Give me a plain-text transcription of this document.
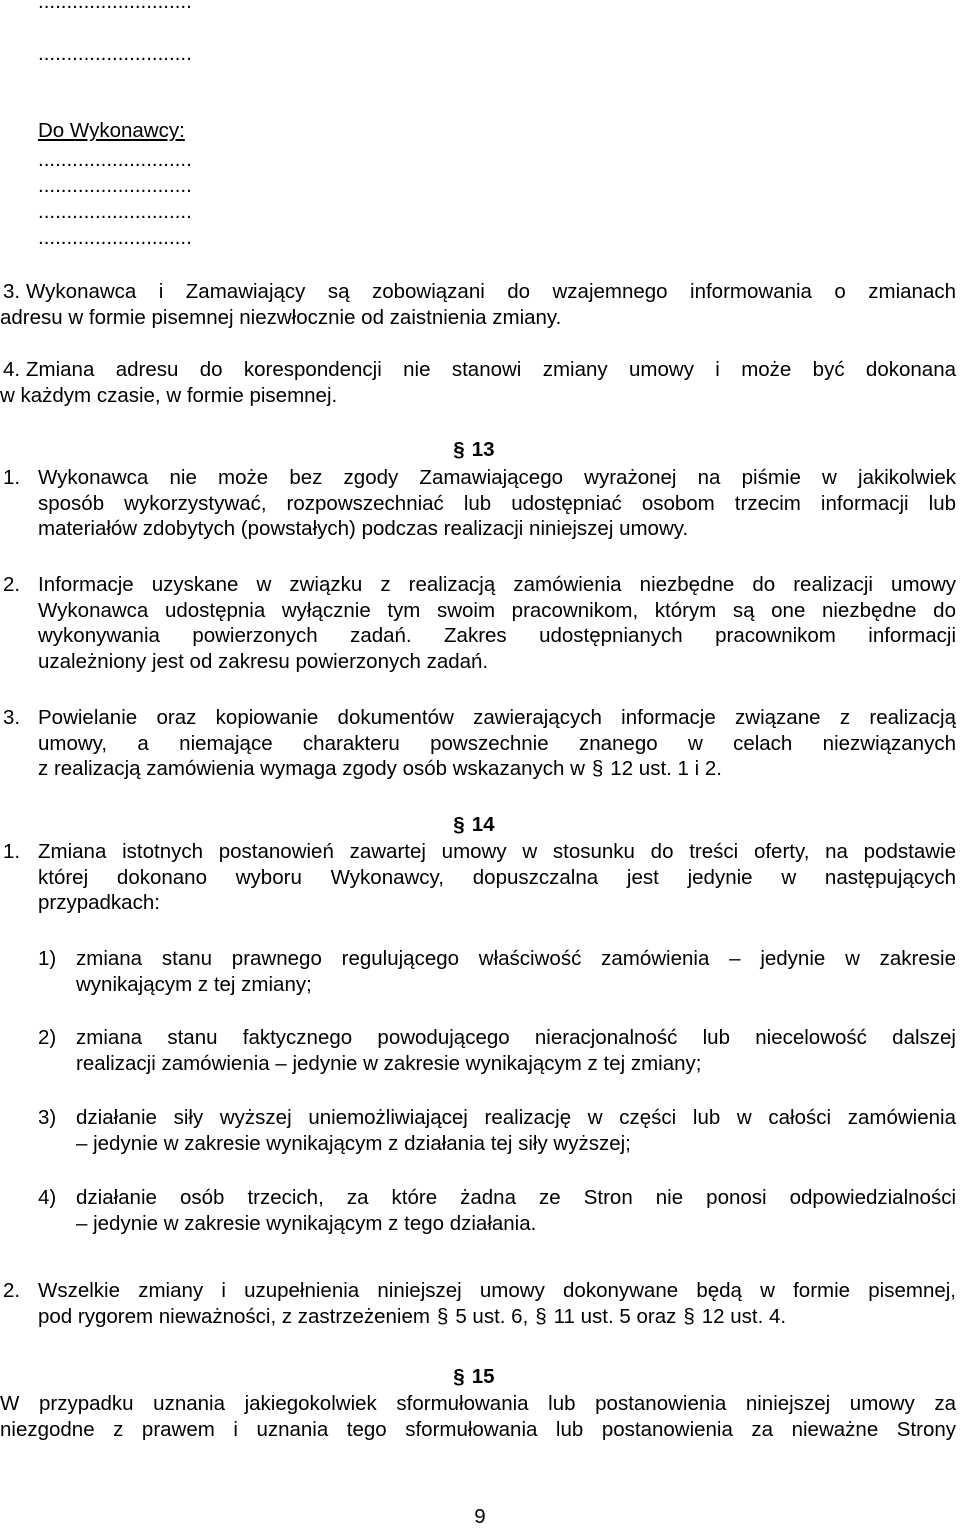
...........................
...........................
Do Wykonawcy:
...........................
...........................
...........................
...........................
3. Wykonawca i Zamawiający są zobowiązani do wzajemnego informowania o zmianach
adresu w formie pisemnej niezwłocznie od zaistnienia zmiany.
4. Zmiana adresu do korespondencji nie stanowi zmiany umowy i może być dokonana
w każdym czasie, w formie pisemnej.
§ 13
1. Wykonawca nie może bez zgody Zamawiającego wyrażonej na piśmie w jakikolwiek
sposób wykorzystywać, rozpowszechniać lub udostępniać osobom trzecim informacji lub
materiałów zdobytych (powstałych) podczas realizacji niniejszej umowy.
2. Informacje uzyskane w związku z realizacją zamówienia niezbędne do realizacji umowy
Wykonawca udostępnia wyłącznie tym swoim pracownikom, którym są one niezbędne do
wykonywania powierzonych zadań. Zakres udostępnianych pracownikom informacji
uzależniony jest od zakresu powierzonych zadań.
3. Powielanie oraz kopiowanie dokumentów zawierających informacje związane z realizacją
umowy, a niemające charakteru powszechnie znanego w celach niezwiązanych
z realizacją zamówienia wymaga zgody osób wskazanych w § 12 ust. 1 i 2.
§ 14
1. Zmiana istotnych postanowień zawartej umowy w stosunku do treści oferty, na podstawie
której dokonano wyboru Wykonawcy, dopuszczalna jest jedynie w następujących
przypadkach:
1) zmiana stanu prawnego regulującego właściwość zamówienia – jedynie w zakresie
wynikającym z tej zmiany;
2) zmiana stanu faktycznego powodującego nieracjonalność lub niecelowość dalszej
realizacji zamówienia – jedynie w zakresie wynikającym z tej zmiany;
3) działanie siły wyższej uniemożliwiającej realizację w części lub w całości zamówienia
– jedynie w zakresie wynikającym z działania tej siły wyższej;
4) działanie osób trzecich, za które żadna ze Stron nie ponosi odpowiedzialności
– jedynie w zakresie wynikającym z tego działania.
2. Wszelkie zmiany i uzupełnienia niniejszej umowy dokonywane będą w formie pisemnej,
pod rygorem nieważności, z zastrzeżeniem § 5 ust. 6, § 11 ust. 5 oraz § 12 ust. 4.
§ 15
W przypadku uznania jakiegokolwiek sformułowania lub postanowienia niniejszej umowy za
niezgodne z prawem i uznania tego sformułowania lub postanowienia za nieważne Strony
9
